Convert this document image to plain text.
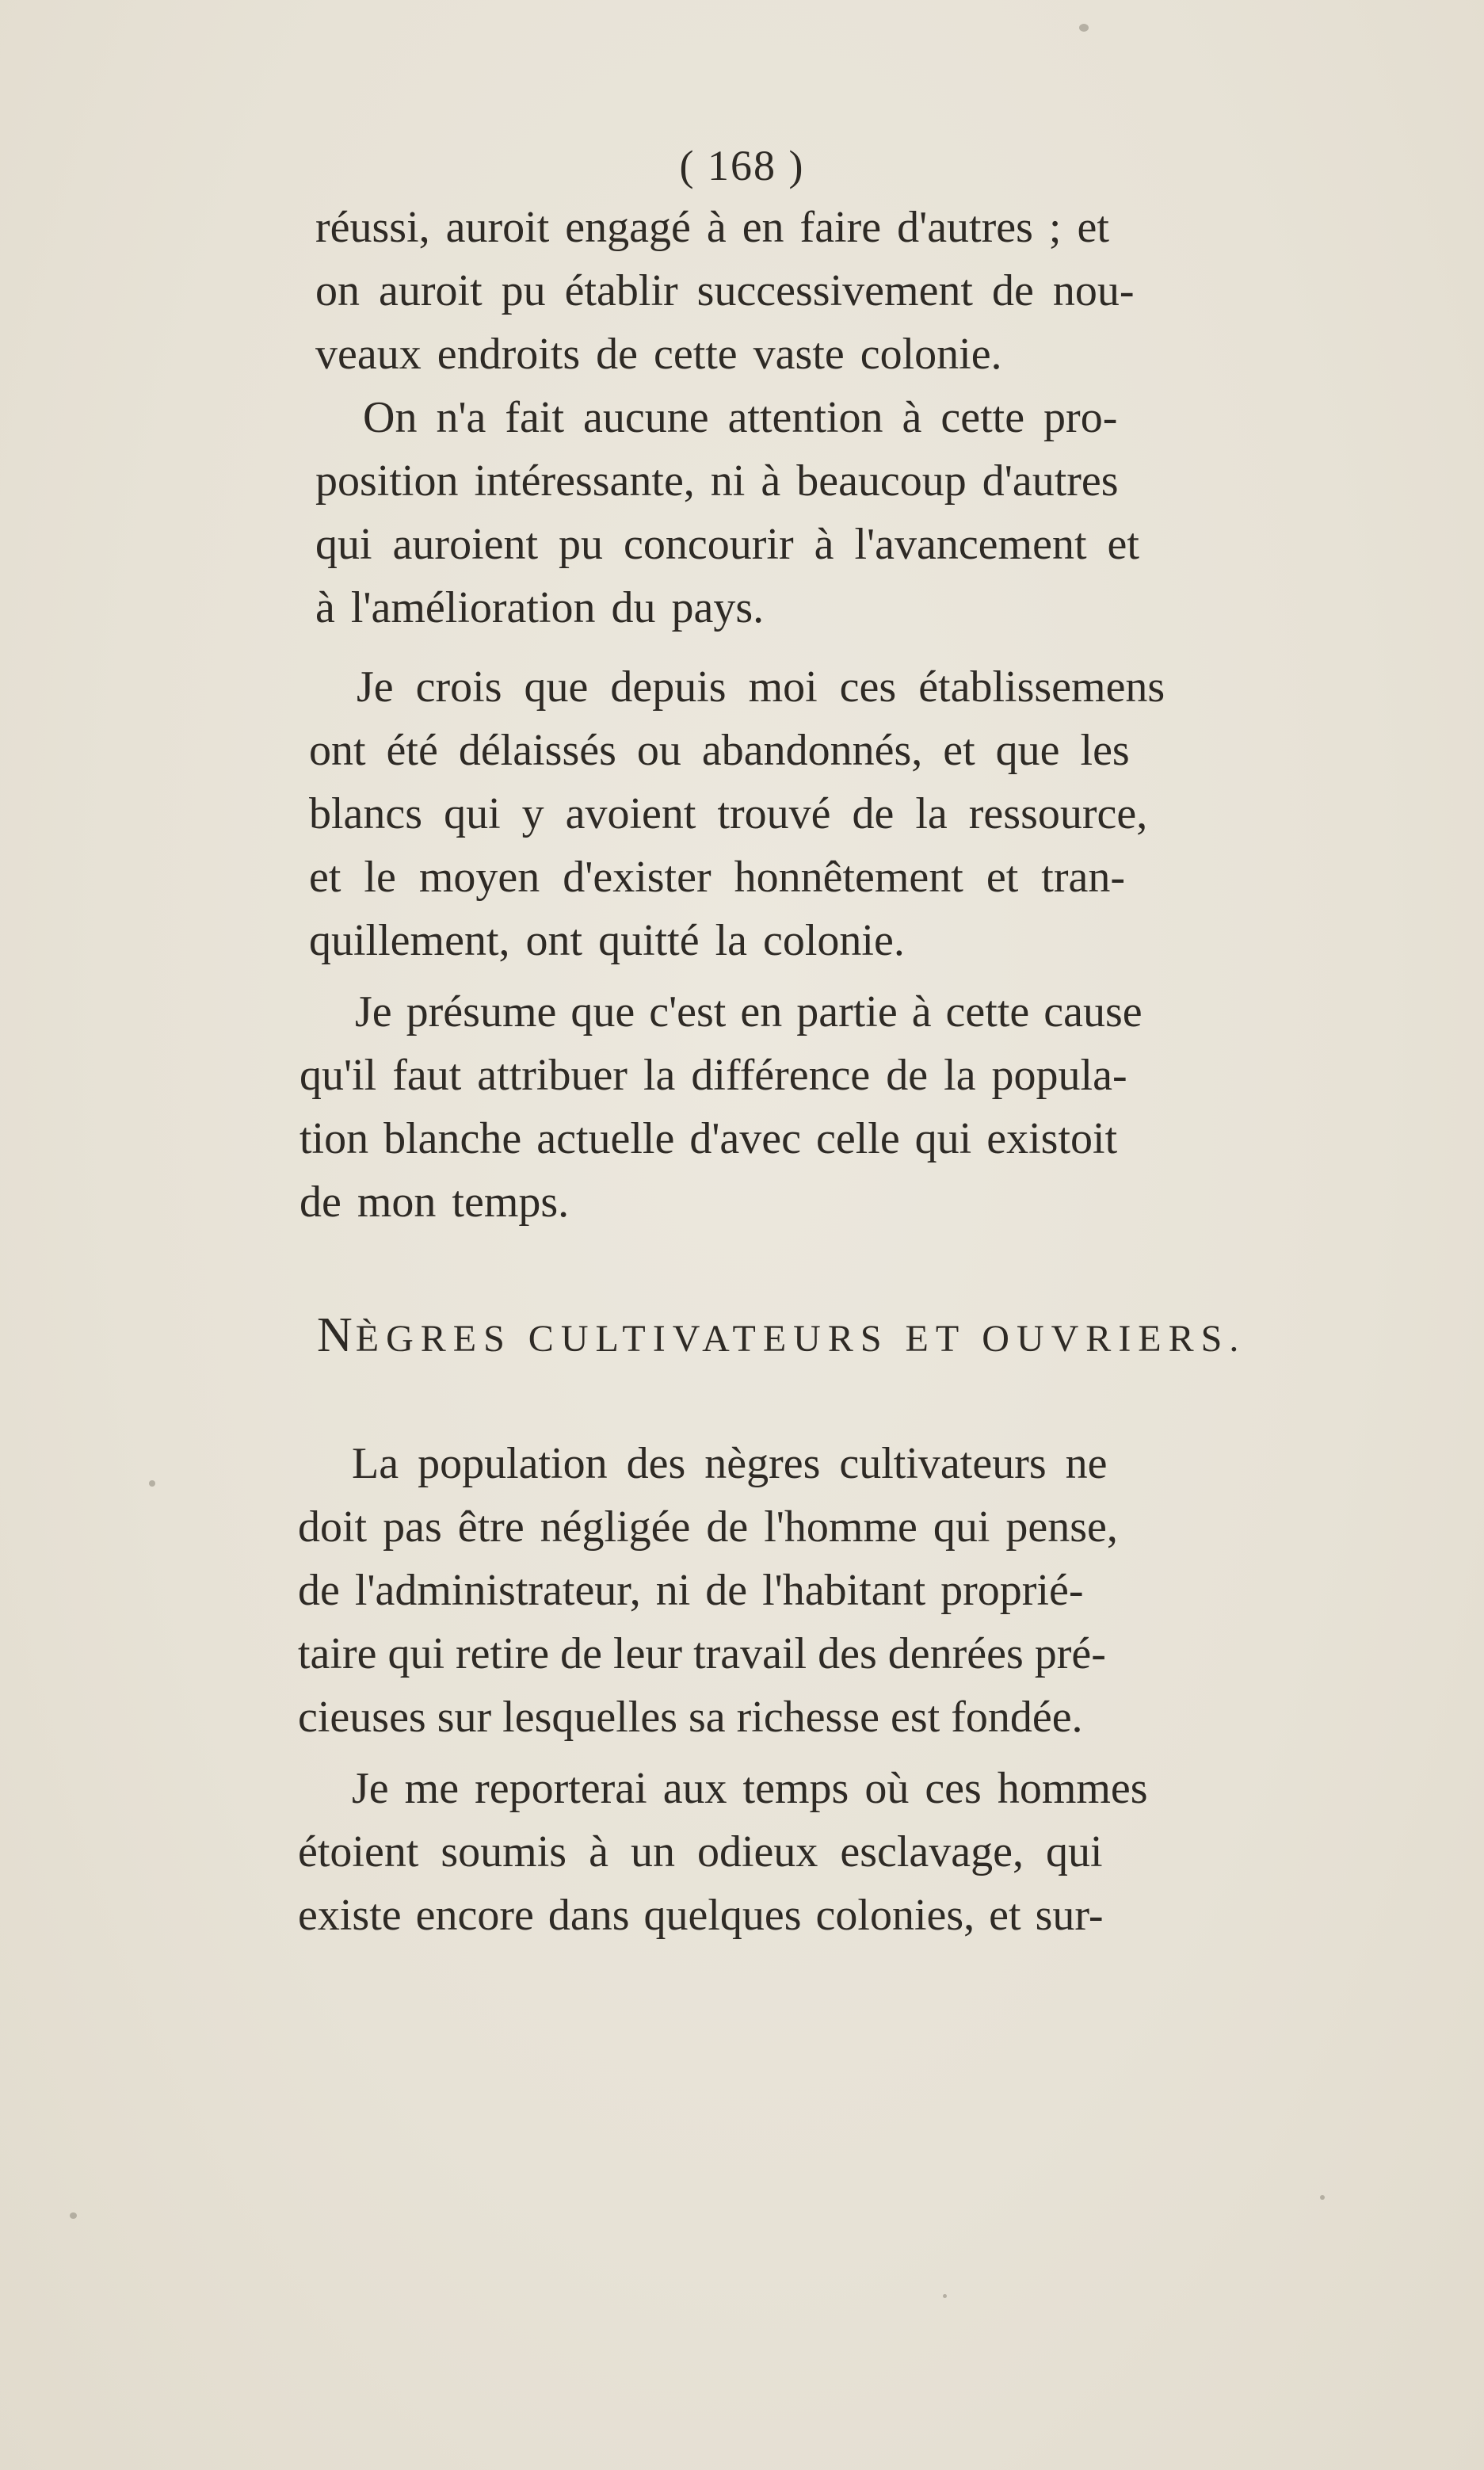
( 168 )
réussi, auroit engagé à en faire d'autres ; et
on auroit pu établir successivement de nou-
veaux endroits de cette vaste colonie.
On n'a fait aucune attention à cette pro-
position intéressante, ni à beaucoup d'autres
qui auroient pu concourir à l'avancement et
à l'amélioration du pays.
Je crois que depuis moi ces établissemens
ont été délaissés ou abandonnés, et que les
blancs qui y avoient trouvé de la ressource,
et le moyen d'exister honnêtement et tran-
quillement, ont quitté la colonie.
Je présume que c'est en partie à cette cause
qu'il faut attribuer la différence de la popula-
tion blanche actuelle d'avec celle qui existoit
de mon temps.
NÈGRES CULTIVATEURS ET OUVRIERS.
La population des nègres cultivateurs ne
doit pas être négligée de l'homme qui pense,
de l'administrateur, ni de l'habitant proprié-
taire qui retire de leur travail des denrées pré-
cieuses sur lesquelles sa richesse est fondée.
Je me reporterai aux temps où ces hommes
étoient soumis à un odieux esclavage, qui
existe encore dans quelques colonies, et sur-
